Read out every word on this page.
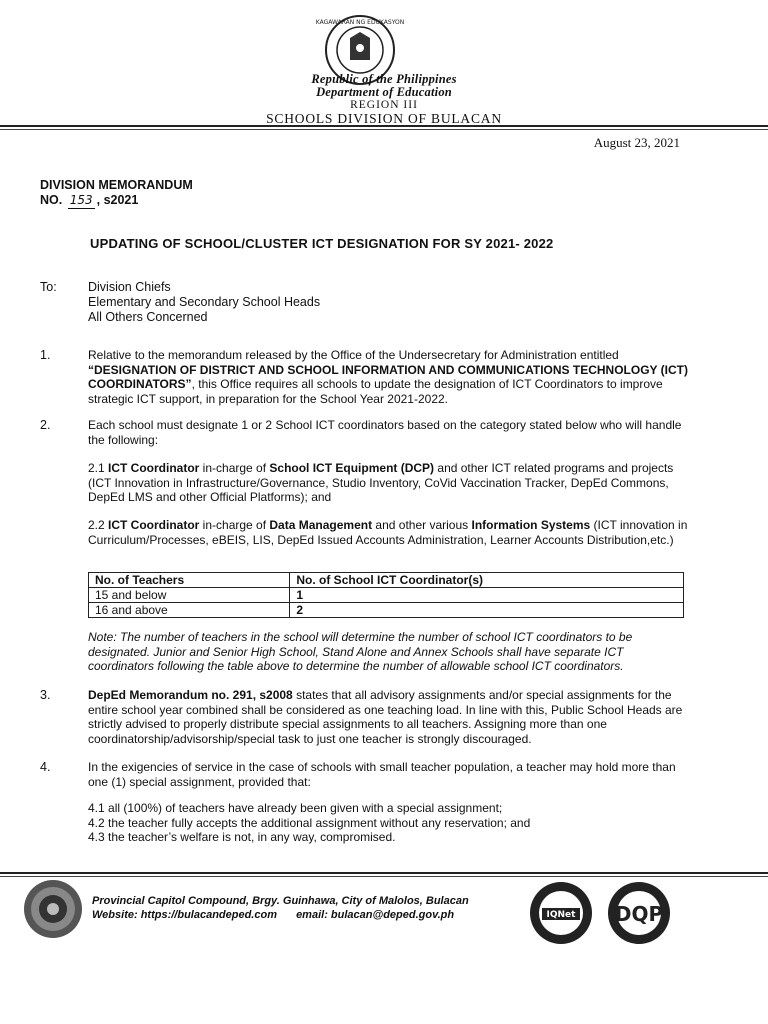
KAGAWARAN NG EDUKASYON
Republic of the Philippines
Department of Education
REGION III
SCHOOLS DIVISION OF BULACAN
August 23, 2021
DIVISION MEMORANDUM
NO. 153 , s2021
UPDATING OF SCHOOL/CLUSTER ICT DESIGNATION FOR SY 2021- 2022
To:	Division Chiefs
Elementary and Secondary School Heads
All Others Concerned
1.	Relative to the memorandum released by the Office of the Undersecretary for Administration entitled “DESIGNATION OF DISTRICT AND SCHOOL INFORMATION AND COMMUNICATIONS TECHNOLOGY (ICT) COORDINATORS”, this Office requires all schools to update the designation of ICT Coordinators to improve strategic ICT support, in preparation for the School Year 2021-2022.
2.	Each school must designate 1 or 2 School ICT coordinators based on the category stated below who will handle the following:
2.1 ICT Coordinator in-charge of School ICT Equipment (DCP) and other ICT related programs and projects (ICT Innovation in Infrastructure/Governance, Studio Inventory, CoVid Vaccination Tracker, DepEd Commons, DepEd LMS and other Official Platforms); and
2.2 ICT Coordinator in-charge of Data Management and other various Information Systems (ICT innovation in Curriculum/Processes, eBEIS, LIS, DepEd Issued Accounts Administration, Learner Accounts Distribution,etc.)
No. of Teachers	No. of School ICT Coordinator(s)
15 and below	1
16 and above	2
Note: The number of teachers in the school will determine the number of school ICT coordinators to be designated. Junior and Senior High School, Stand Alone and Annex Schools shall have separate ICT coordinators following the table above to determine the number of allowable school ICT coordinators.
3.	DepEd Memorandum no. 291, s2008 states that all advisory assignments and/or special assignments for the entire school year combined shall be considered as one teaching load. In line with this, Public School Heads are strictly advised to properly distribute special assignments to all teachers. Assigning more than one coordinatorship/advisorship/special task to just one teacher is strongly discouraged.
4.	In the exigencies of service in the case of schools with small teacher population, a teacher may hold more than one (1) special assignment, provided that:
4.1 all (100%) of teachers have already been given with a special assignment;
4.2 the teacher fully accepts the additional assignment without any reservation; and
4.3 the teacher’s welfare is not, in any way, compromised.
Provincial Capitol Compound, Brgy. Guinhawa, City of Malolos, Bulacan
Website: https://bulacandeped.com email: bulacan@deped.gov.ph	IQNet DQP
